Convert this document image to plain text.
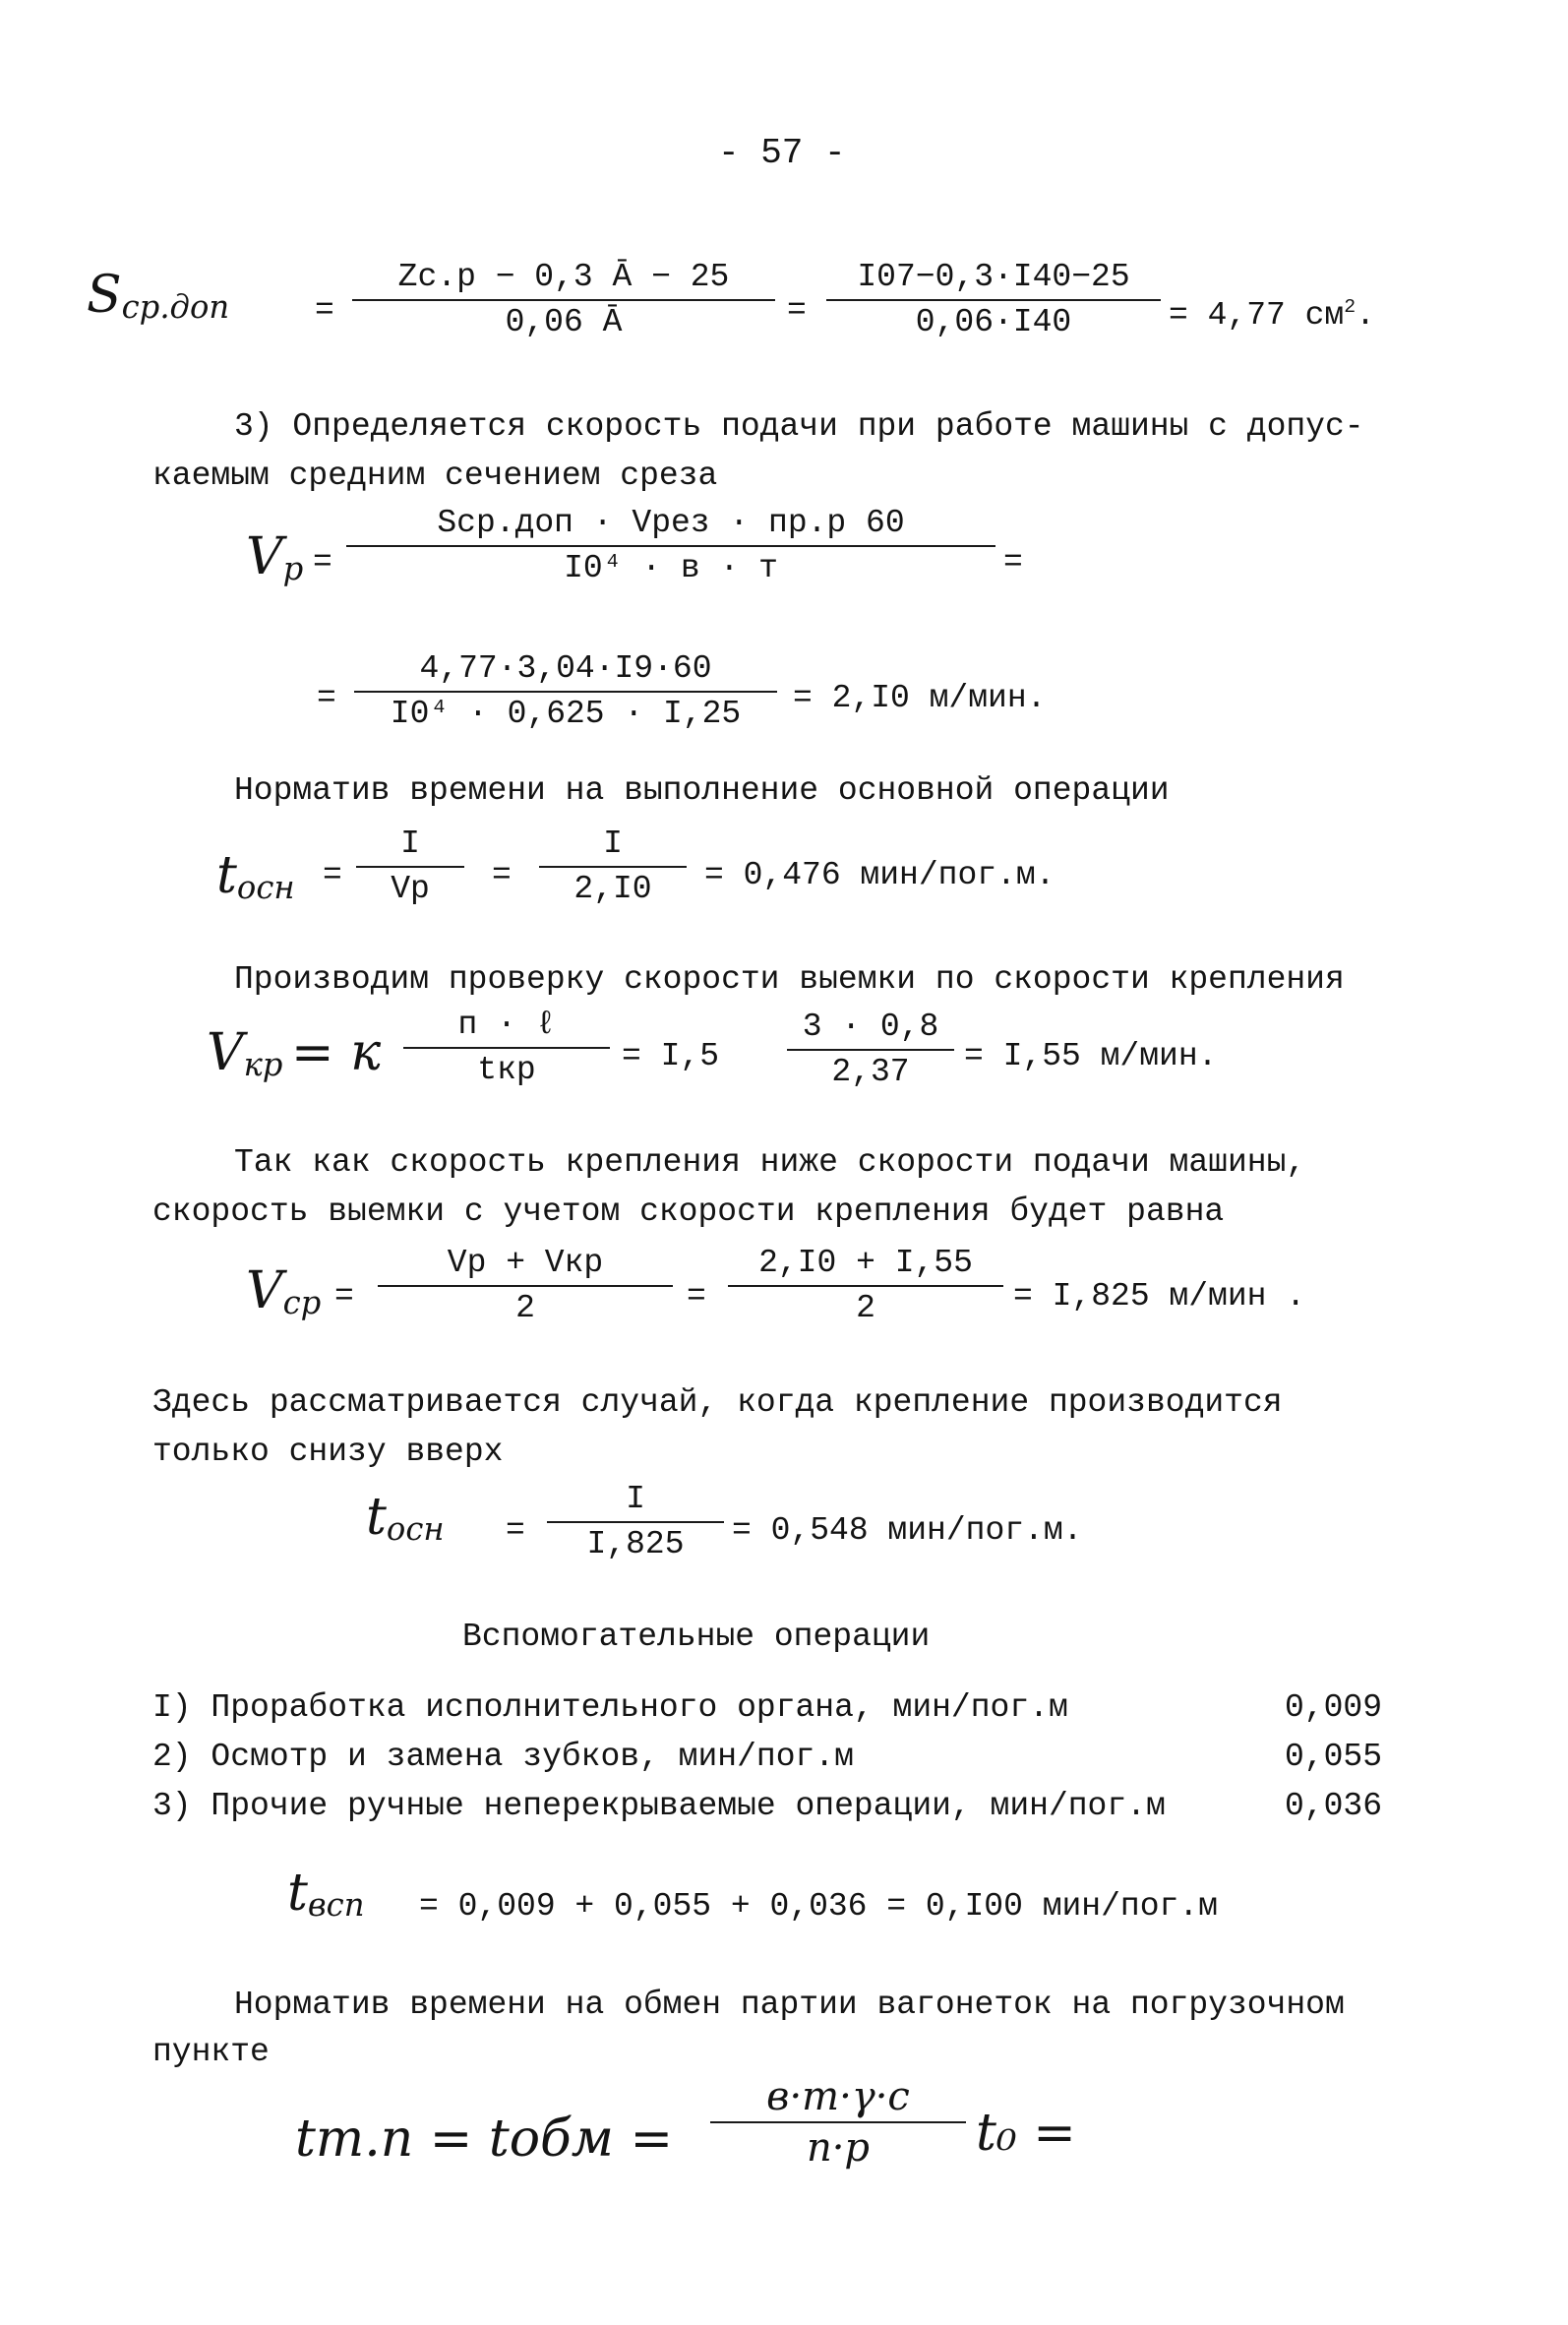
- 57 -
Sср.доп	=
Zс.р − 0,3 Ā − 25
0,06 Ā	=
I07−0,3·I40−25
0,06·I40	= 4,77 $см^2$.
3) Определяется скорость подачи при работе машины с допус-
каемым средним сечением среза
Vр =
Sср.доп · Vрез · пр.р 60
I0⁴ · в · т	=
=
4,77·3,04·I9·60
I0⁴ · 0,625 · I,25 = 2,I0 м/мин.
Норматив времени на выполнение основной операции
tосн =
I
Vр =
I
2,I0 = 0,476 мин/пог.м.
Производим проверку скорости выемки по скорости крепления
Vкр = к п · ℓ
tкр	= I,5
3 · 0,8
2,37 = I,55 м/мин.
Так как скорость крепления ниже скорости подачи машины,
скорость выемки с учетом скорости крепления будет равна
Vср =
Vр + Vкр
2	=
2,I0 + I,55
2	= I,825 м/мин .
Здесь рассматривается случай, когда крепление производится
только снизу вверх
tосн =
I
I,825 = 0,548 мин/пог.м.
Вспомогательные операции
I) Проработка исполнительного органа, мин/пог.м	0,009
2) Осмотр и замена зубков, мин/пог.м	0,055
3) Прочие ручные неперекрываемые операции, мин/пог.м	0,036
tвсп = 0,009 + 0,055 + 0,036 = 0,I00 мин/пог.м
Норматив времени на обмен партии вагонеток на погрузочном
пункте
tт.п = tобм =
в·т·γ·с
п·р t₀ =
